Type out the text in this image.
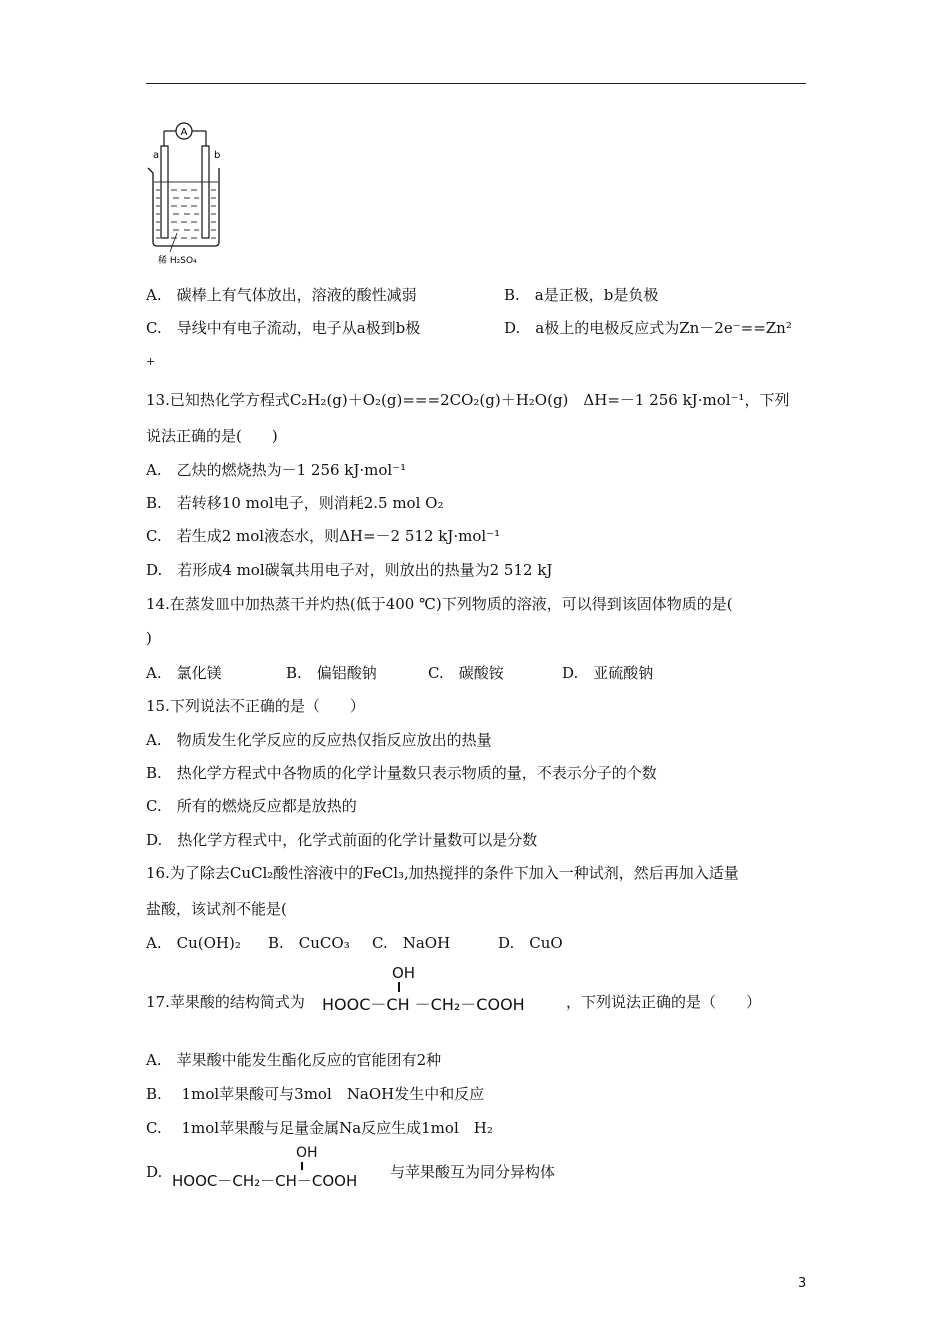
A
a	b
稀 H₂SO₄
A.　碳棒上有气体放出，溶液的酸性减弱	B.　a是正极，b是负极
C.　导线中有电子流动，电子从a极到b极	D.　a极上的电极反应式为Zn－2e⁻==Zn²
+
13.已知热化学方程式C₂H₂(g)＋O₂(g)===2CO₂(g)＋H₂O(g)　ΔH=－1 256 kJ·mol⁻¹，下列
说法正确的是(　　)
A.　乙炔的燃烧热为－1 256 kJ·mol⁻¹
B.　若转移10 mol电子，则消耗2.5 mol O₂
C.　若生成2 mol液态水，则ΔH=－2 512 kJ·mol⁻¹
D.　若形成4 mol碳氧共用电子对，则放出的热量为2 512 kJ
14.在蒸发皿中加热蒸干并灼热(低于400 ℃)下列物质的溶液，可以得到该固体物质的是(
)
A.　氯化镁	B.　偏铝酸钠	C.　碳酸铵	D.　亚硫酸钠
15.下列说法不正确的是（　　）
A.　物质发生化学反应的反应热仅指反应放出的热量
B.　热化学方程式中各物质的化学计量数只表示物质的量，不表示分子的个数
C.　所有的燃烧反应都是放热的
D.　热化学方程式中，化学式前面的化学计量数可以是分数
16.为了除去CuCl₂酸性溶液中的FeCl₃,加热搅拌的条件下加入一种试剂，然后再加入适量
盐酸，该试剂不能是(
A.　Cu(OH)₂ B.　CuCO₃ C.　NaOH	D.　CuO
17.苹果酸的结构简式为
OH
HOOC－CH －CH₂－COOH	，下列说法正确的是（　　）
A.　苹果酸中能发生酯化反应的官能团有2种
B.　 1mol苹果酸可与3mol　NaOH发生中和反应
C.　 1mol苹果酸与足量金属Na反应生成1mol　H₂
D.
OH
HOOC－CH₂－CH－COOH 与苹果酸互为同分异构体
3
